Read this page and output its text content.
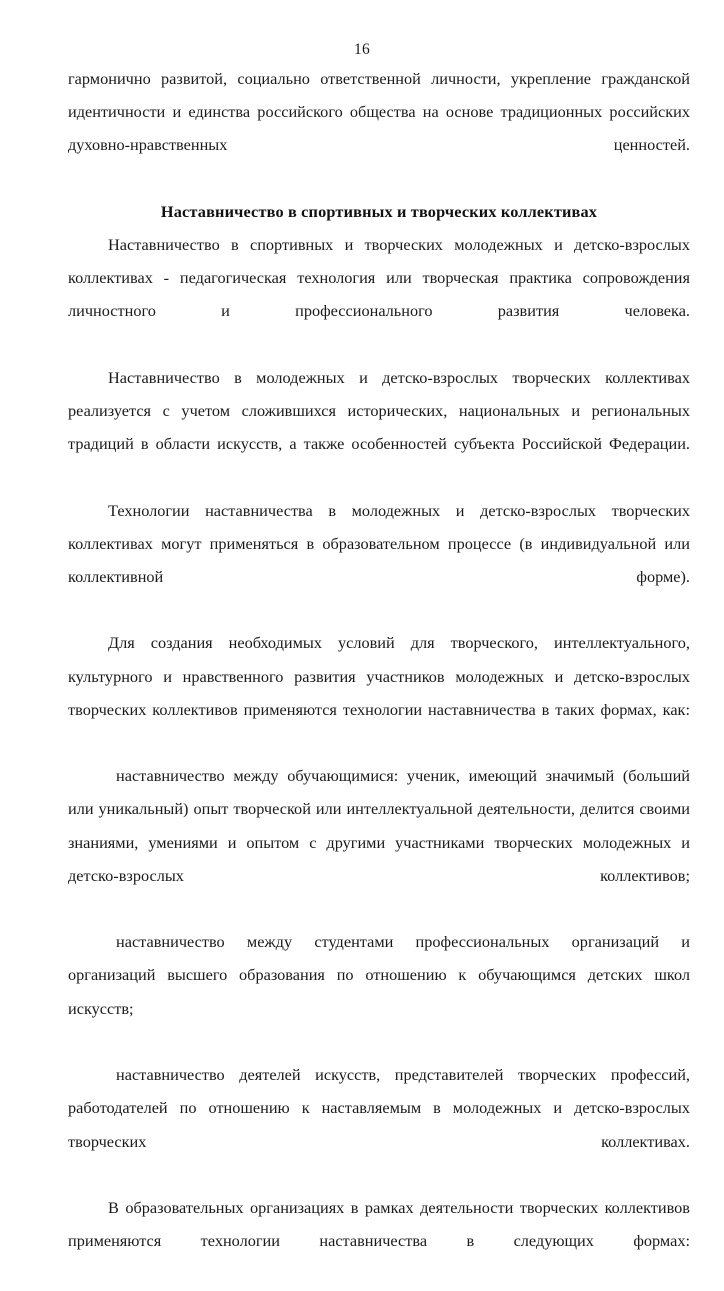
16

гармонично развитой, социально ответственной личности, укрепление гражданской идентичности и единства российского общества на основе традиционных российских духовно-нравственных ценностей.

Наставничество в спортивных и творческих коллективах

Наставничество в спортивных и творческих молодежных и детско-взрослых коллективах - педагогическая технология или творческая практика сопровождения личностного и профессионального развития человека.

Наставничество в молодежных и детско-взрослых творческих коллективах реализуется с учетом сложившихся исторических, национальных и региональных традиций в области искусств, а также особенностей субъекта Российской Федерации.

Технологии наставничества в молодежных и детско-взрослых творческих коллективах могут применяться в образовательном процессе (в индивидуальной или коллективной форме).

Для создания необходимых условий для творческого, интеллектуального, культурного и нравственного развития участников молодежных и детско-взрослых творческих коллективов применяются технологии наставничества в таких формах, как:

наставничество между обучающимися: ученик, имеющий значимый (больший или уникальный) опыт творческой или интеллектуальной деятельности, делится своими знаниями, умениями и опытом с другими участниками творческих молодежных и детско-взрослых коллективов;

наставничество между студентами профессиональных организаций и организаций высшего образования по отношению к обучающимся детских школ искусств;

наставничество деятелей искусств, представителей творческих профессий, работодателей по отношению к наставляемым в молодежных и детско-взрослых творческих коллективах.

В образовательных организациях в рамках деятельности творческих коллективов применяются технологии наставничества в следующих формах:
